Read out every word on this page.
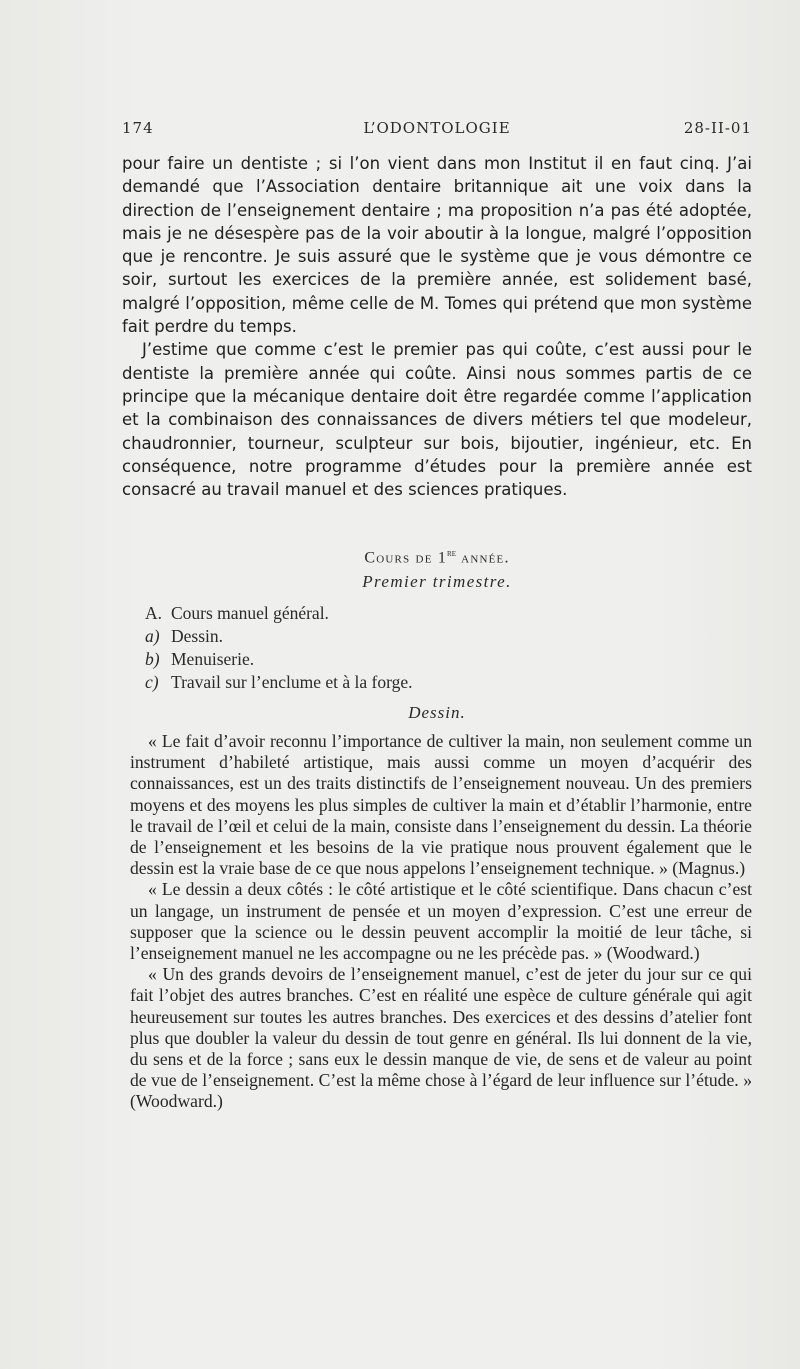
174	L’ODONTOLOGIE	28-II-01

pour faire un dentiste ; si l’on vient dans mon Institut il en faut cinq. J’ai demandé que l’Association dentaire britannique ait une voix dans la direction de l’enseignement dentaire ; ma proposition n’a pas été adoptée, mais je ne désespère pas de la voir aboutir à la longue, malgré l’opposition que je rencontre. Je suis assuré que le système que je vous démontre ce soir, surtout les exercices de la première année, est solidement basé, malgré l’opposition, même celle de M. Tomes qui prétend que mon système fait perdre du temps.

J’estime que comme c’est le premier pas qui coûte, c’est aussi pour le dentiste la première année qui coûte. Ainsi nous sommes partis de ce principe que la mécanique dentaire doit être regardée comme l’application et la combinaison des connaissances de divers métiers tel que modeleur, chaudronnier, tourneur, sculpteur sur bois, bijoutier, ingénieur, etc. En conséquence, notre programme d’études pour la première année est consacré au travail manuel et des sciences pratiques.

Cours de 1re année.
Premier trimestre.
A. Cours manuel général.
a) Dessin.
b) Menuiserie.
c) Travail sur l’enclume et à la forge.
Dessin.

« Le fait d’avoir reconnu l’importance de cultiver la main, non seulement comme un instrument d’habileté artistique, mais aussi comme un moyen d’acquérir des connaissances, est un des traits distinctifs de l’enseignement nouveau. Un des premiers moyens et des moyens les plus simples de cultiver la main et d’établir l’harmonie, entre le travail de l’œil et celui de la main, consiste dans l’enseignement du dessin. La théorie de l’enseignement et les besoins de la vie pratique nous prouvent également que le dessin est la vraie base de ce que nous appelons l’enseignement technique. » (Magnus.)

« Le dessin a deux côtés : le côté artistique et le côté scientifique. Dans chacun c’est un langage, un instrument de pensée et un moyen d’expression. C’est une erreur de supposer que la science ou le dessin peuvent accomplir la moitié de leur tâche, si l’enseignement manuel ne les accompagne ou ne les précède pas. » (Woodward.)

« Un des grands devoirs de l’enseignement manuel, c’est de jeter du jour sur ce qui fait l’objet des autres branches. C’est en réalité une espèce de culture générale qui agit heureusement sur toutes les autres branches. Des exercices et des dessins d’atelier font plus que doubler la valeur du dessin de tout genre en général. Ils lui donnent de la vie, du sens et de la force ; sans eux le dessin manque de vie, de sens et de valeur au point de vue de l’enseignement. C’est la même chose à l’égard de leur influence sur l’étude. » (Woodward.)
